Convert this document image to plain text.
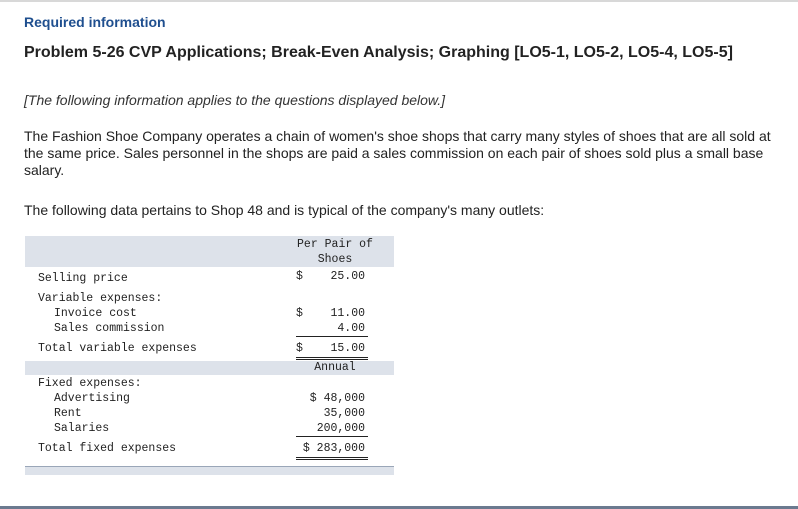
Required information
Problem 5-26 CVP Applications; Break-Even Analysis; Graphing [LO5-1, LO5-2, LO5-4, LO5-5]
[The following information applies to the questions displayed below.]
The Fashion Shoe Company operates a chain of women's shoe shops that carry many styles of shoes that are all sold at the same price. Sales personnel in the shops are paid a sales commission on each pair of shoes sold plus a small base salary.
The following data pertains to Shop 48 and is typical of the company's many outlets:
Per Pair of
Shoes
Selling price	$	25.00
Variable expenses:
Invoice cost	$	11.00
Sales commission	4.00
Total variable expenses	$	15.00
Annual
Fixed expenses:
Advertising	$ 48,000
Rent	35,000
Salaries	200,000
Total fixed expenses	$ 283,000
